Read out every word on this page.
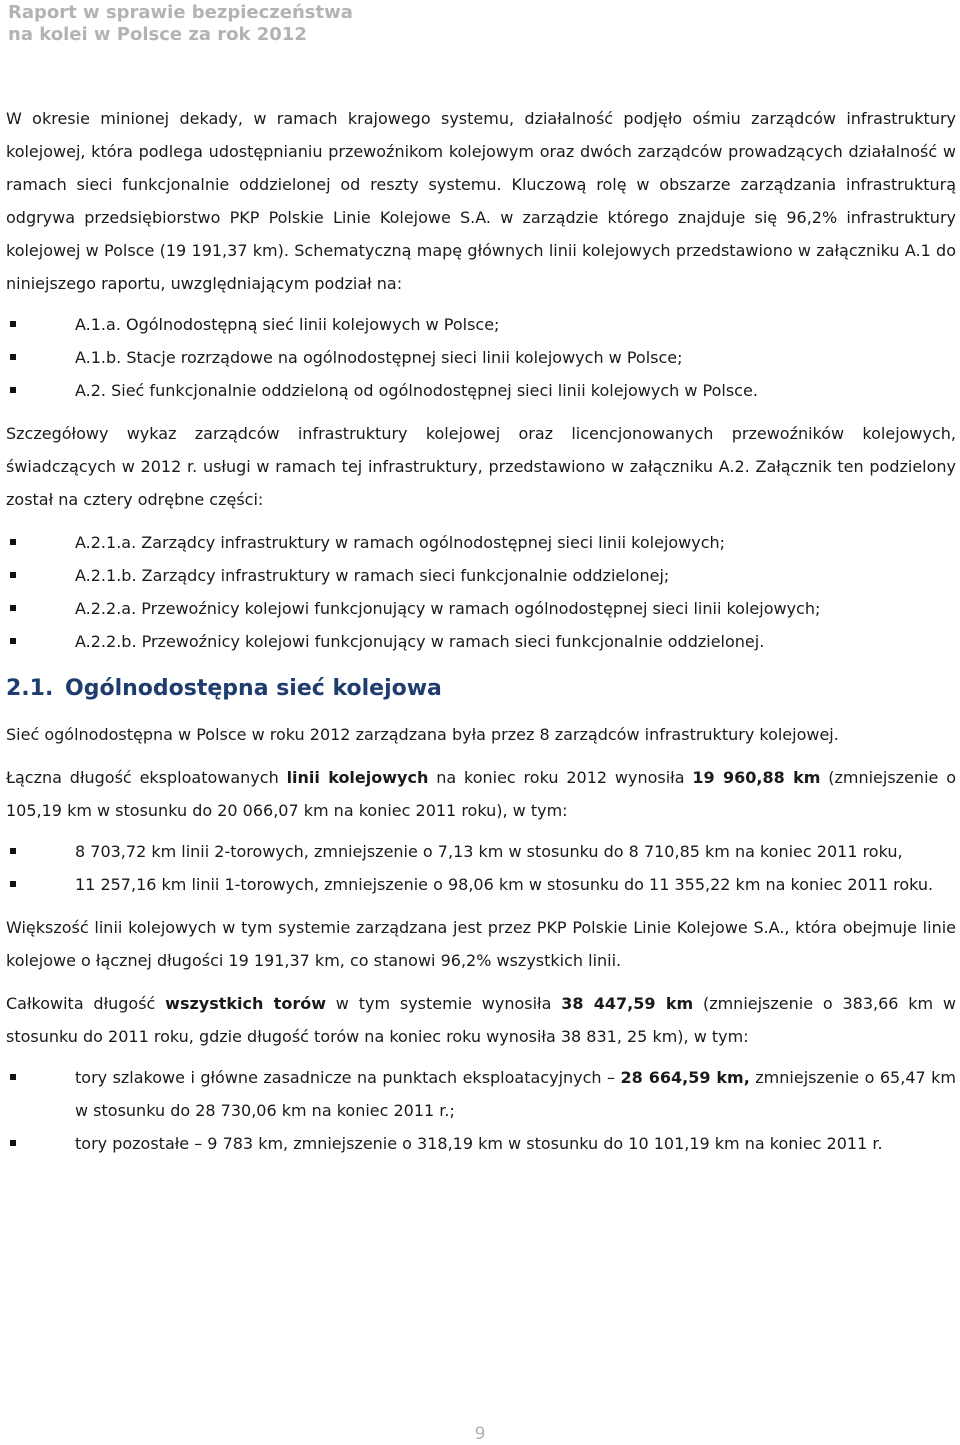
Raport w sprawie bezpieczeństwa
na kolei w Polsce za rok 2012

W okresie minionej dekady, w ramach krajowego systemu, działalność podjęło ośmiu zarządców infrastruktury kolejowej, która podlega udostępnianiu przewoźnikom kolejowym oraz dwóch zarządców prowadzących działalność w ramach sieci funkcjonalnie oddzielonej od reszty systemu. Kluczową rolę w obszarze zarządzania infrastrukturą odgrywa przedsiębiorstwo PKP Polskie Linie Kolejowe S.A. w zarządzie którego znajduje się 96,2% infrastruktury kolejowej w Polsce (19 191,37 km). Schematyczną mapę głównych linii kolejowych przedstawiono w załączniku A.1 do niniejszego raportu, uwzględniającym podział na:

A.1.a. Ogólnodostępną sieć linii kolejowych w Polsce;
A.1.b. Stacje rozrządowe na ogólnodostępnej sieci linii kolejowych w Polsce;
A.2. Sieć funkcjonalnie oddzieloną od ogólnodostępnej sieci linii kolejowych w Polsce.

Szczegółowy wykaz zarządców infrastruktury kolejowej oraz licencjonowanych przewoźników kolejowych, świadczących w 2012 r. usługi w ramach tej infrastruktury, przedstawiono w załączniku A.2. Załącznik ten podzielony został na cztery odrębne części:

A.2.1.a. Zarządcy infrastruktury w ramach ogólnodostępnej sieci linii kolejowych;
A.2.1.b. Zarządcy infrastruktury w ramach sieci funkcjonalnie oddzielonej;
A.2.2.a. Przewoźnicy kolejowi funkcjonujący w ramach ogólnodostępnej sieci linii kolejowych;
A.2.2.b. Przewoźnicy kolejowi funkcjonujący w ramach sieci funkcjonalnie oddzielonej.
2.1. Ogólnodostępna sieć kolejowa

Sieć ogólnodostępna w Polsce w roku 2012 zarządzana była przez 8 zarządców infrastruktury kolejowej.

Łączna długość eksploatowanych linii kolejowych na koniec roku 2012 wynosiła 19 960,88 km (zmniejszenie o 105,19 km w stosunku do 20 066,07 km na koniec 2011 roku), w tym:

8 703,72 km linii 2-torowych, zmniejszenie o 7,13 km w stosunku do 8 710,85 km na koniec 2011 roku,
11 257,16 km linii 1-torowych, zmniejszenie o 98,06 km w stosunku do 11 355,22 km na koniec 2011 roku.

Większość linii kolejowych w tym systemie zarządzana jest przez PKP Polskie Linie Kolejowe S.A., która obejmuje linie kolejowe o łącznej długości 19 191,37 km, co stanowi 96,2% wszystkich linii.

Całkowita długość wszystkich torów w tym systemie wynosiła 38 447,59 km (zmniejszenie o 383,66 km w stosunku do 2011 roku, gdzie długość torów na koniec roku wynosiła 38 831, 25 km), w tym:

tory szlakowe i główne zasadnicze na punktach eksploatacyjnych – 28 664,59 km, zmniejszenie o 65,47 km w stosunku do 28 730,06 km na koniec 2011 r.;
tory pozostałe – 9 783 km, zmniejszenie o 318,19 km w stosunku do 10 101,19 km na koniec 2011 r.
9
